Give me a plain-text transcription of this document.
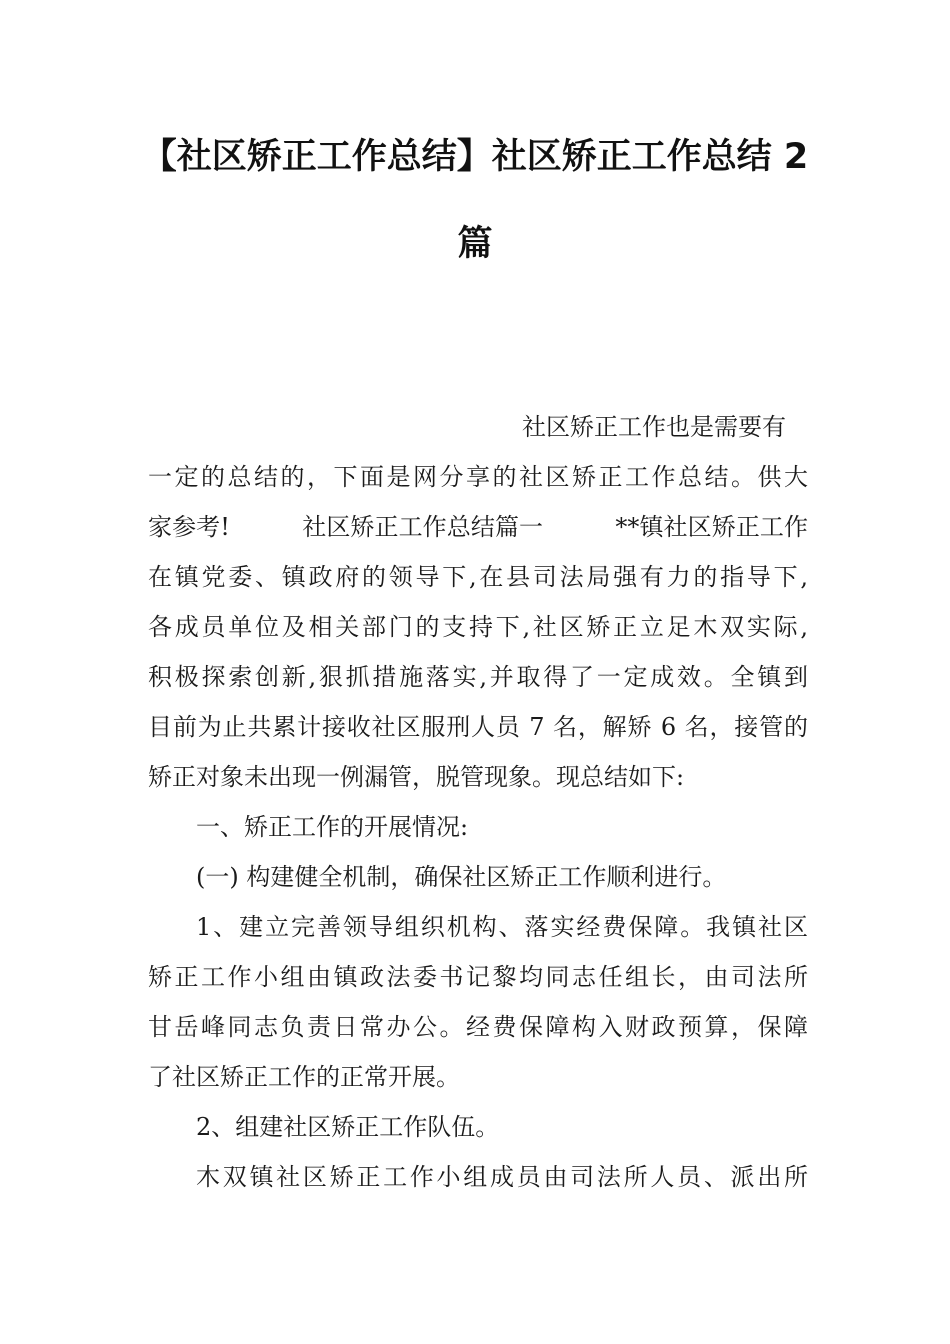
【社区矫正工作总结】社区矫正工作总结 2
篇
社区矫正工作也是需要有
一定的总结的，下面是网分享的社区矫正工作总结。供大
家参考!　　　社区矫正工作总结篇一　　　**镇社区矫正工作
在镇党委、镇政府的领导下,在县司法局强有力的指导下,
各成员单位及相关部门的支持下,社区矫正立足木双实际,
积极探索创新,狠抓措施落实,并取得了一定成效。全镇到
目前为止共累计接收社区服刑人员 7 名，解矫 6 名，接管的
矫正对象未出现一例漏管，脱管现象。现总结如下:
一、矫正工作的开展情况:
(一) 构建健全机制，确保社区矫正工作顺利进行。
1、建立完善领导组织机构、落实经费保障。我镇社区
矫正工作小组由镇政法委书记黎均同志任组长，由司法所
甘岳峰同志负责日常办公。经费保障构入财政预算，保障
了社区矫正工作的正常开展。
2、组建社区矫正工作队伍。
木双镇社区矫正工作小组成员由司法所人员、派出所
